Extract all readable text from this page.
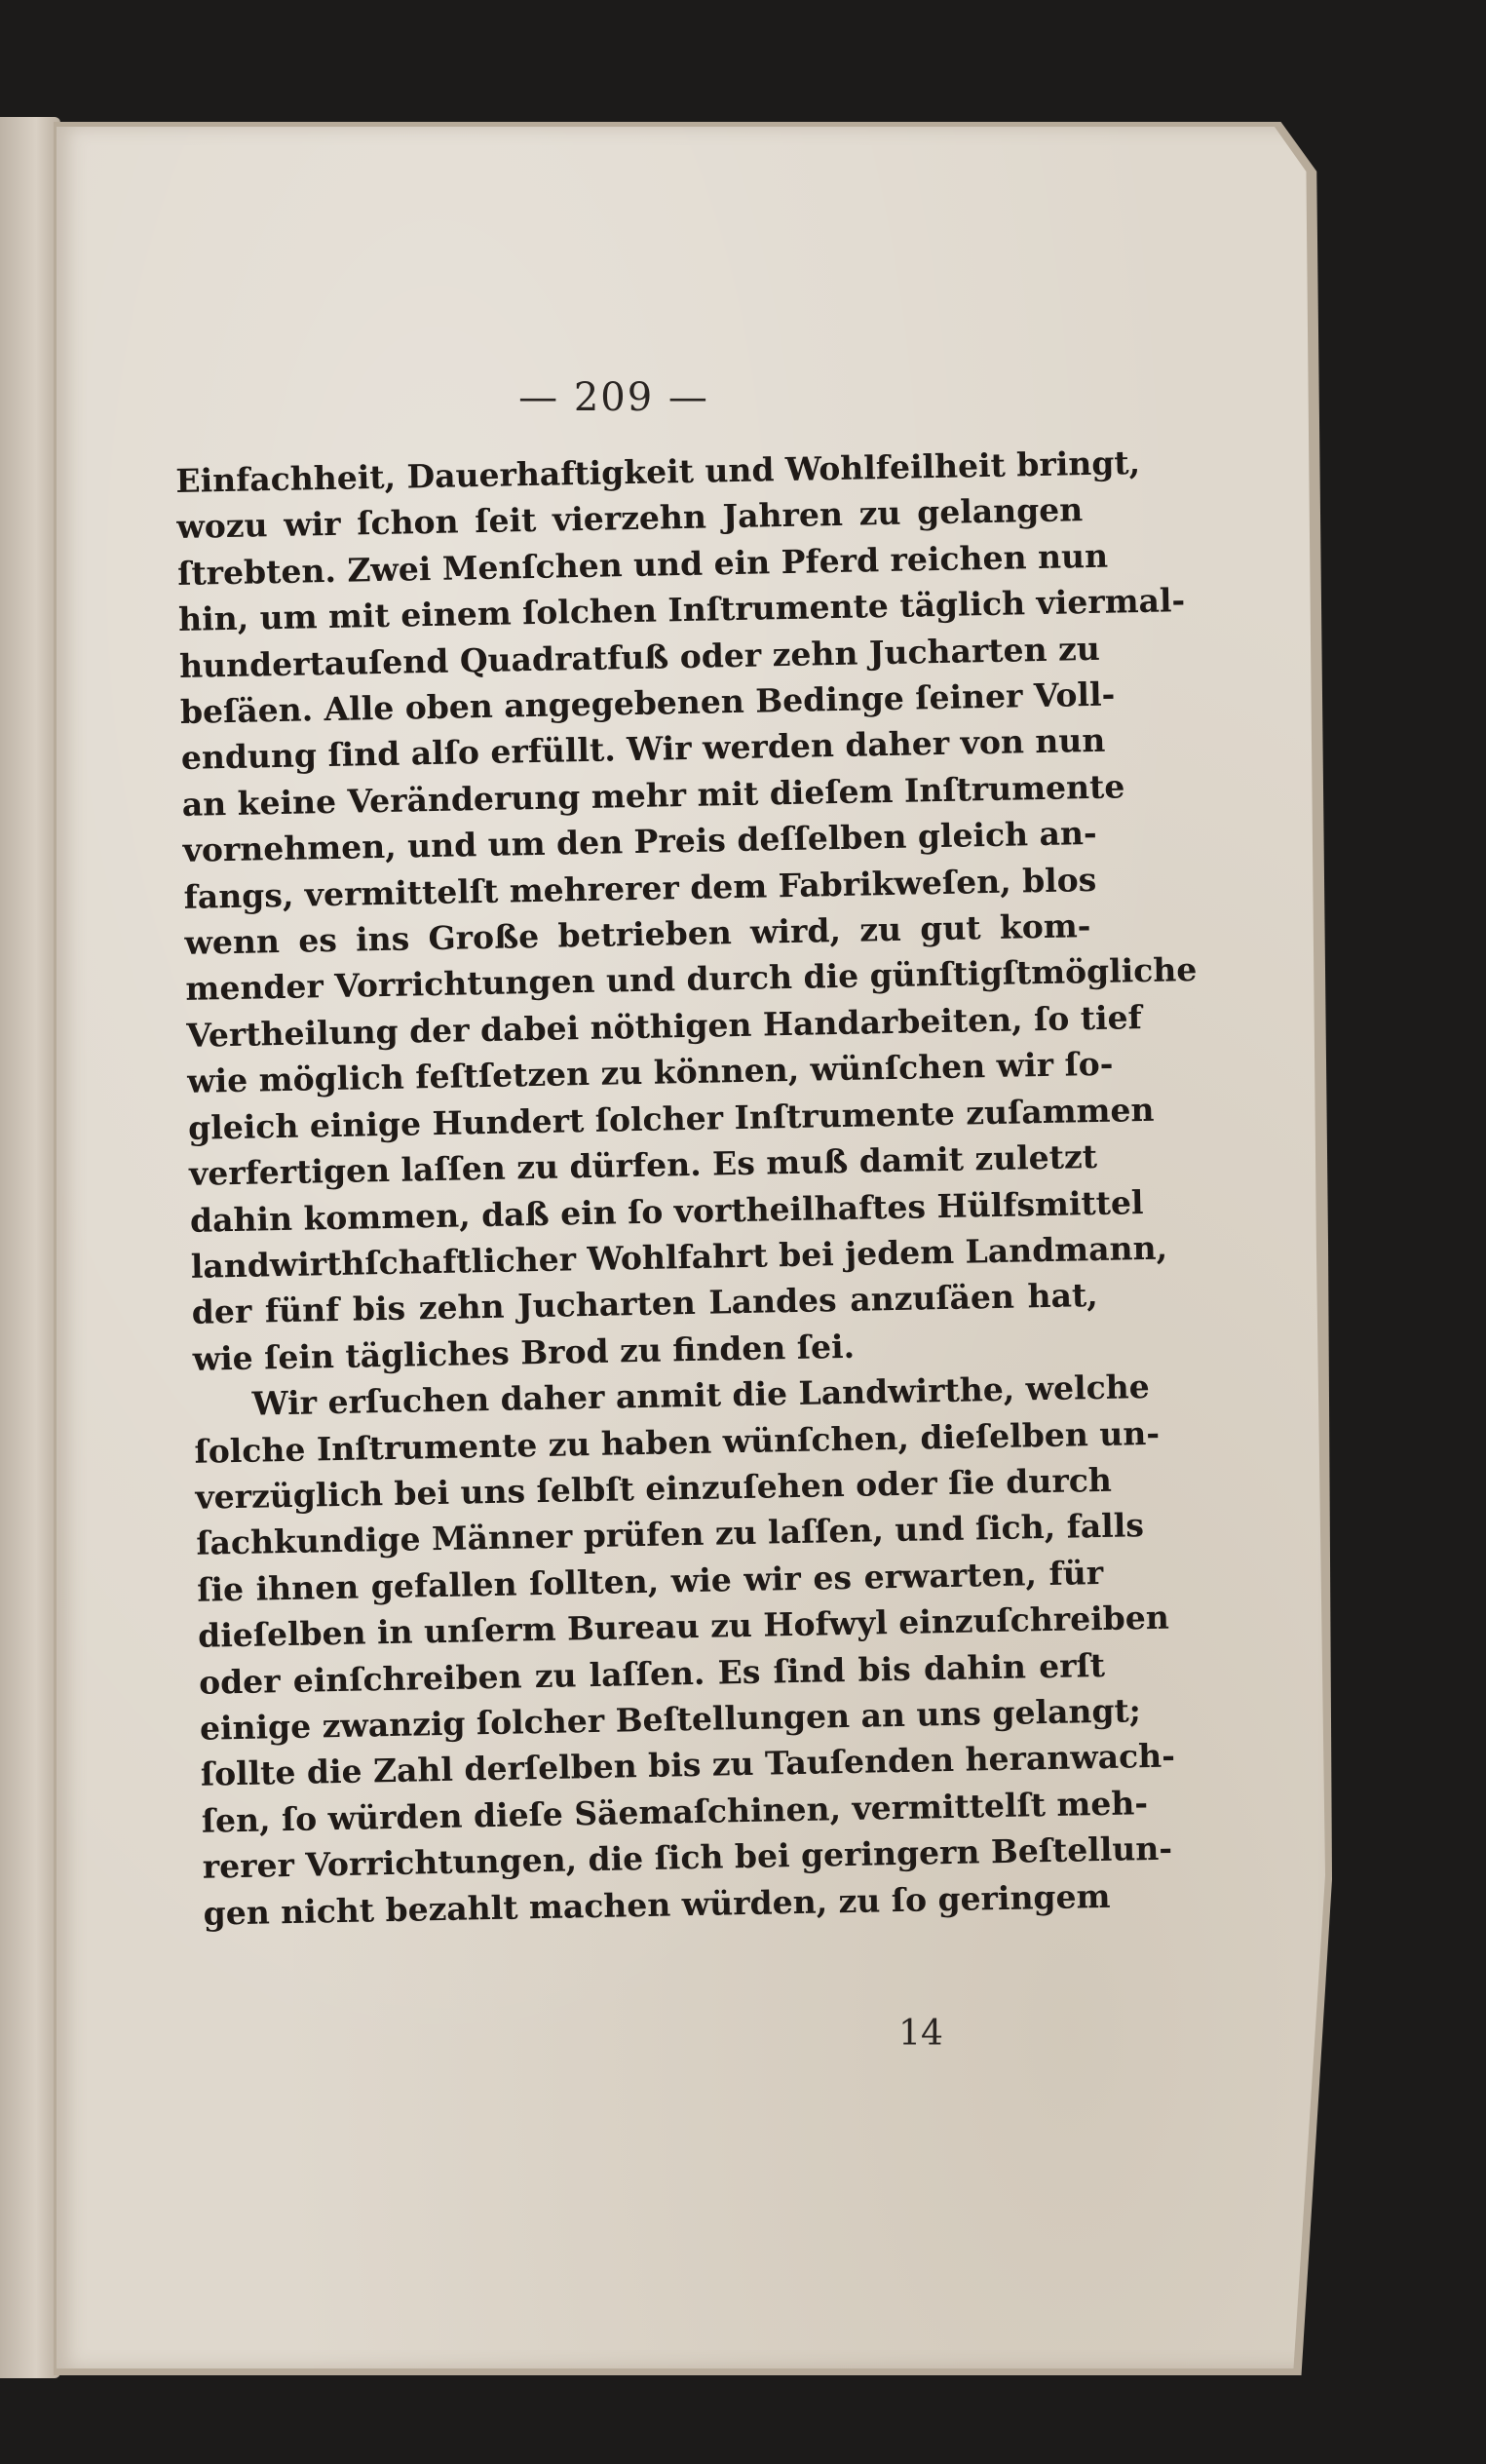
— 209 —
Einfachheit, Dauerhaftigkeit und Wohlfeilheit bringt,
wozu wir ſchon ſeit vierzehn Jahren zu gelangen
ſtrebten. Zwei Menſchen und ein Pferd reichen nun
hin, um mit einem ſolchen Inſtrumente täglich viermal-
hundertauſend Quadratfuß oder zehn Jucharten zu
beſäen. Alle oben angegebenen Bedinge ſeiner Voll-
endung ſind alſo erfüllt. Wir werden daher von nun
an keine Veränderung mehr mit dieſem Inſtrumente
vornehmen, und um den Preis deſſelben gleich an-
fangs, vermittelſt mehrerer dem Fabrikweſen, blos
wenn es ins Große betrieben wird, zu gut kom-
mender Vorrichtungen und durch die günſtigſtmögliche
Vertheilung der dabei nöthigen Handarbeiten, ſo tief
wie möglich feſtſetzen zu können, wünſchen wir ſo-
gleich einige Hundert ſolcher Inſtrumente zuſammen
verfertigen laſſen zu dürfen. Es muß damit zuletzt
dahin kommen, daß ein ſo vortheilhaftes Hülfsmittel
landwirthſchaftlicher Wohlfahrt bei jedem Landmann,
der fünf bis zehn Jucharten Landes anzuſäen hat,
wie ſein tägliches Brod zu finden ſei.
Wir erſuchen daher anmit die Landwirthe, welche
ſolche Inſtrumente zu haben wünſchen, dieſelben un-
verzüglich bei uns ſelbſt einzuſehen oder ſie durch
ſachkundige Männer prüfen zu laſſen, und ſich, falls
ſie ihnen gefallen ſollten, wie wir es erwarten, für
dieſelben in unſerm Bureau zu Hofwyl einzuſchreiben
oder einſchreiben zu laſſen. Es ſind bis dahin erſt
einige zwanzig ſolcher Beſtellungen an uns gelangt;
ſollte die Zahl derſelben bis zu Tauſenden heranwach-
ſen, ſo würden dieſe Säemaſchinen, vermittelſt meh-
rerer Vorrichtungen, die ſich bei geringern Beſtellun-
gen nicht bezahlt machen würden, zu ſo geringem
14
